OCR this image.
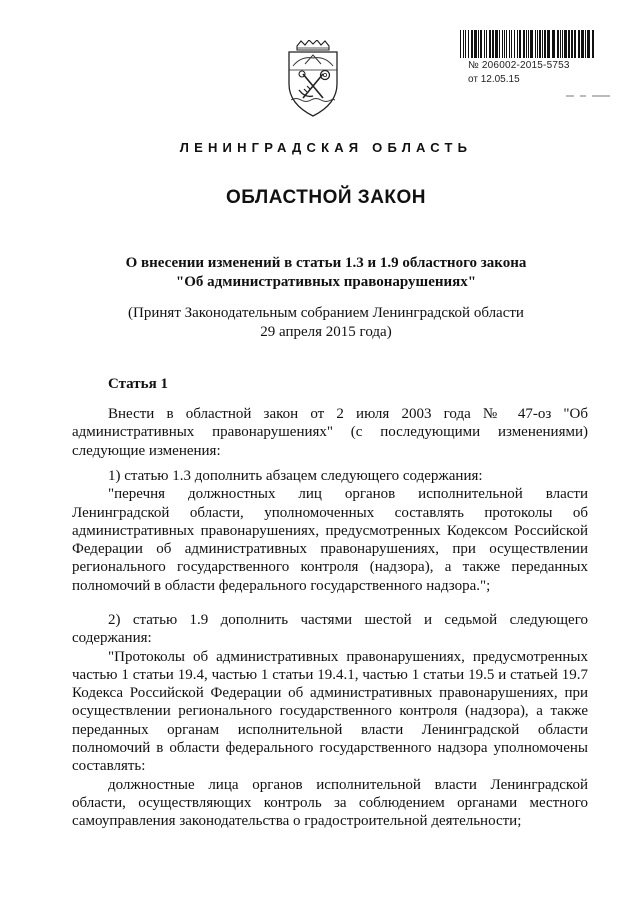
№ 206002-2015-5753
от 12.05.15
ЛЕНИНГРАДСКАЯ ОБЛАСТЬ
ОБЛАСТНОЙ ЗАКОН
О внесении изменений в статьи 1.3 и 1.9 областного закона
"Об административных правонарушениях"
(Принят Законодательным собранием Ленинградской области
29 апреля 2015 года)
Статья 1

Внести в областной закон от 2 июля 2003 года № 47-оз "Об административных правонарушениях" (с последующими изменениями) следующие изменения:

1) статью 1.3 дополнить абзацем следующего содержания:

"перечня должностных лиц органов исполнительной власти Ленинградской области, уполномоченных составлять протоколы об административных правонарушениях, предусмотренных Кодексом Российской Федерации об административных правонарушениях, при осуществлении регионального государственного контроля (надзора), а также переданных полномочий в области федерального государственного надзора.";

2) статью 1.9 дополнить частями шестой и седьмой следующего содержания:

"Протоколы об административных правонарушениях, предусмотренных частью 1 статьи 19.4, частью 1 статьи 19.4.1, частью 1 статьи 19.5 и статьей 19.7 Кодекса Российской Федерации об административных правонарушениях, при осуществлении регионального государственного контроля (надзора), а также переданных органам исполнительной власти Ленинградской области полномочий в области федерального государственного надзора уполномочены составлять:

должностные лица органов исполнительной власти Ленинградской области, осуществляющих контроль за соблюдением органами местного самоуправления законодательства о градостроительной деятельности;
